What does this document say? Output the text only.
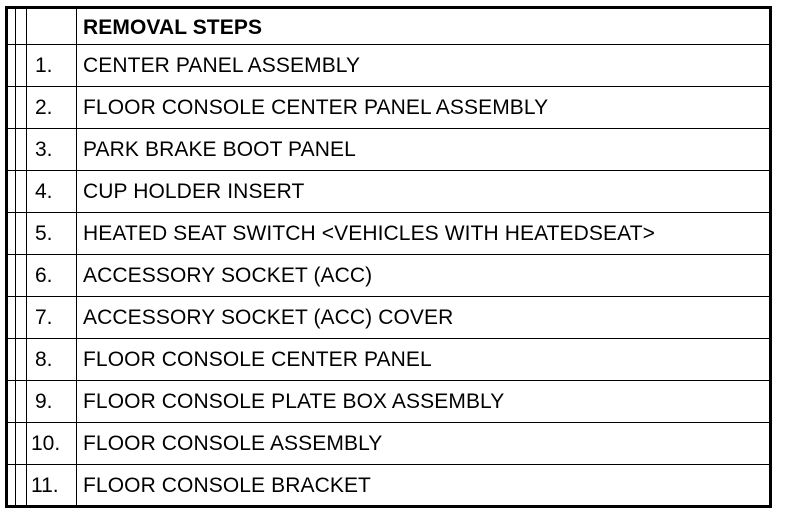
REMOVAL STEPS
1. CENTER PANEL ASSEMBLY
2. FLOOR CONSOLE CENTER PANEL ASSEMBLY
3. PARK BRAKE BOOT PANEL
4. CUP HOLDER INSERT
5. HEATED SEAT SWITCH <VEHICLES WITH HEATEDSEAT>
6. ACCESSORY SOCKET (ACC)
7. ACCESSORY SOCKET (ACC) COVER
8. FLOOR CONSOLE CENTER PANEL
9. FLOOR CONSOLE PLATE BOX ASSEMBLY
10. FLOOR CONSOLE ASSEMBLY
11. FLOOR CONSOLE BRACKET
